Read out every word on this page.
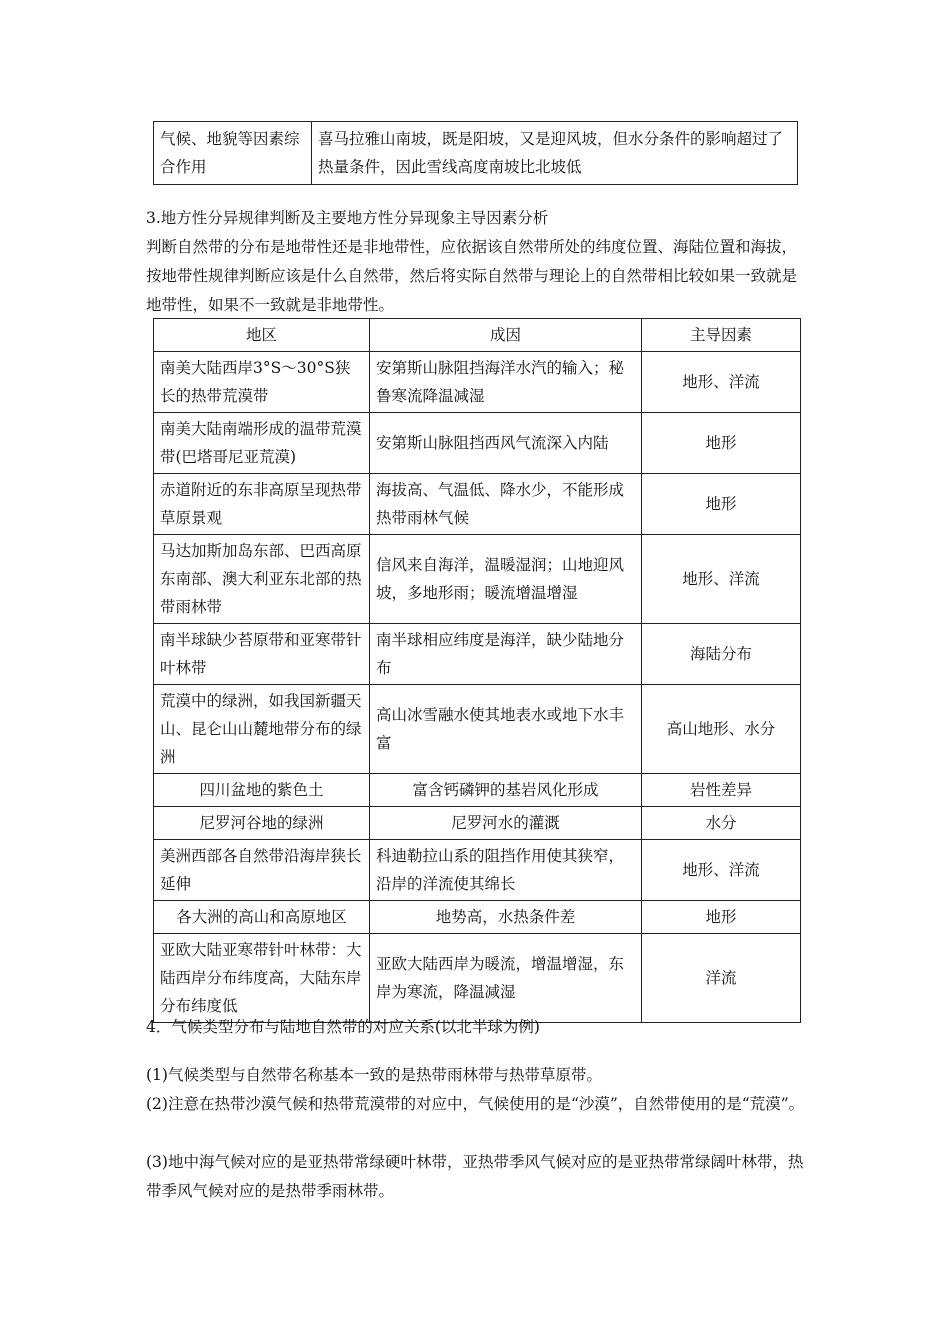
气候、地貌等因素综合作用	喜马拉雅山南坡，既是阳坡，又是迎风坡，但水分条件的影响超过了热量条件，因此雪线高度南坡比北坡低

3.地方性分异规律判断及主要地方性分异现象主导因素分析

判断自然带的分布是地带性还是非地带性，应依据该自然带所处的纬度位置、海陆位置和海拔，按地带性规律判断应该是什么自然带，然后将实际自然带与理论上的自然带相比较如果一致就是地带性，如果不一致就是非地带性。

地区	成因	主导因素
南美大陆西岸3°S～30°S狭长的热带荒漠带	安第斯山脉阻挡海洋水汽的输入；秘鲁寒流降温减湿	地形、洋流
南美大陆南端形成的温带荒漠带(巴塔哥尼亚荒漠)	安第斯山脉阻挡西风气流深入内陆	地形
赤道附近的东非高原呈现热带草原景观	海拔高、气温低、降水少，不能形成热带雨林气候	地形
马达加斯加岛东部、巴西高原东南部、澳大利亚东北部的热带雨林带	信风来自海洋，温暖湿润；山地迎风坡，多地形雨；暖流增温增湿	地形、洋流
南半球缺少苔原带和亚寒带针叶林带	南半球相应纬度是海洋，缺少陆地分布	海陆分布
荒漠中的绿洲，如我国新疆天山、昆仑山山麓地带分布的绿洲	高山冰雪融水使其地表水或地下水丰富	高山地形、水分
四川盆地的紫色土	富含钙磷钾的基岩风化形成	岩性差异
尼罗河谷地的绿洲	尼罗河水的灌溉	水分
美洲西部各自然带沿海岸狭长延伸	科迪勒拉山系的阻挡作用使其狭窄，沿岸的洋流使其绵长	地形、洋流
各大洲的高山和高原地区	地势高，水热条件差	地形
亚欧大陆亚寒带针叶林带：大陆西岸分布纬度高，大陆东岸分布纬度低	亚欧大陆西岸为暖流，增温增湿，东岸为寒流，降温减湿	洋流

4．气候类型分布与陆地自然带的对应关系(以北半球为例)

(1)气候类型与自然带名称基本一致的是热带雨林带与热带草原带。

(2)注意在热带沙漠气候和热带荒漠带的对应中，气候使用的是“沙漠”，自然带使用的是“荒漠”。

(3)地中海气候对应的是亚热带常绿硬叶林带，亚热带季风气候对应的是亚热带常绿阔叶林带，热带季风气候对应的是热带季雨林带。
